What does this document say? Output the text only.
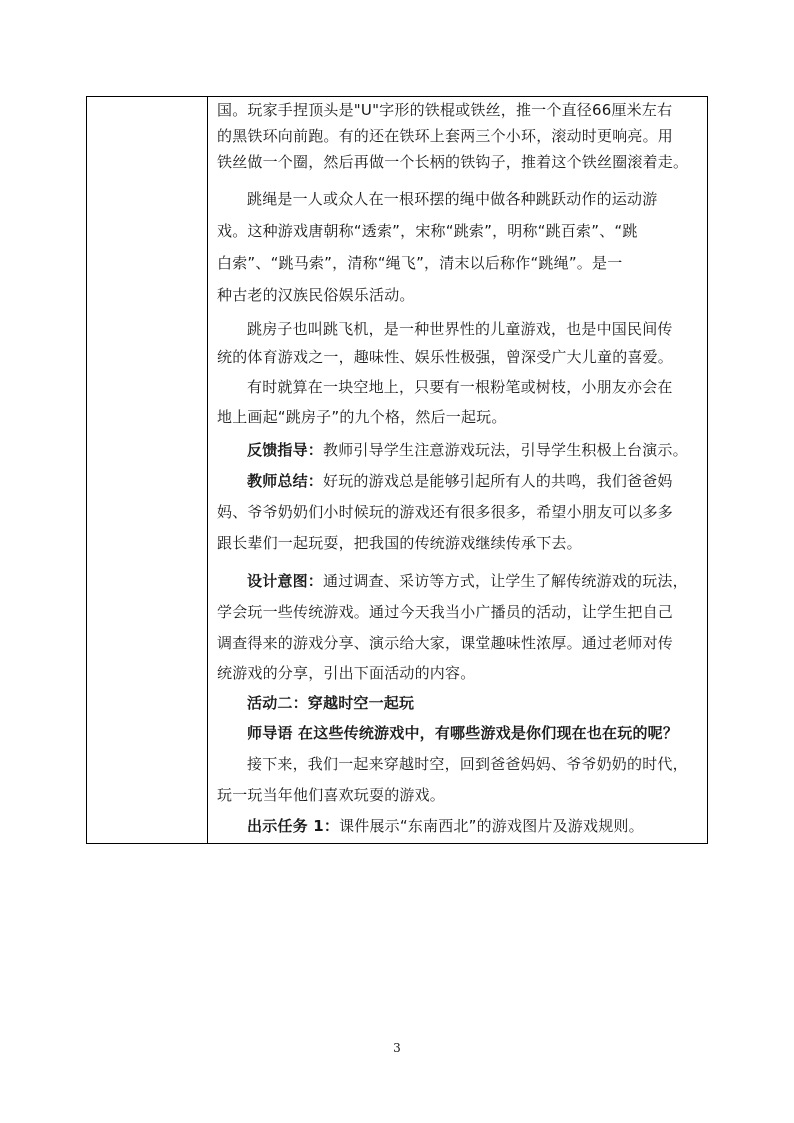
国。玩家手捏顶头是"U"字形的铁棍或铁丝，推一个直径66厘米左右
的黑铁环向前跑。有的还在铁环上套两三个小环，滚动时更响亮。用
铁丝做一个圈，然后再做一个长柄的铁钩子，推着这个铁丝圈滚着走。
跳绳是一人或众人在一根环摆的绳中做各种跳跃动作的运动游
戏。这种游戏唐朝称“透索”，宋称“跳索”，明称“跳百索”、“跳
白索”、“跳马索”，清称“绳飞”，清末以后称作“跳绳”。是一
种古老的汉族民俗娱乐活动。
跳房子也叫跳飞机，是一种世界性的儿童游戏，也是中国民间传
统的体育游戏之一，趣味性、娱乐性极强，曾深受广大儿童的喜爱。
有时就算在一块空地上，只要有一根粉笔或树枝，小朋友亦会在
地上画起“跳房子”的九个格，然后一起玩。
反馈指导：教师引导学生注意游戏玩法，引导学生积极上台演示。
教师总结：好玩的游戏总是能够引起所有人的共鸣，我们爸爸妈
妈、爷爷奶奶们小时候玩的游戏还有很多很多，希望小朋友可以多多
跟长辈们一起玩耍，把我国的传统游戏继续传承下去。
设计意图：通过调查、采访等方式，让学生了解传统游戏的玩法，
学会玩一些传统游戏。通过今天我当小广播员的活动，让学生把自己
调查得来的游戏分享、演示给大家，课堂趣味性浓厚。通过老师对传
统游戏的分享，引出下面活动的内容。
活动二：穿越时空一起玩
师导语 在这些传统游戏中，有哪些游戏是你们现在也在玩的呢？
接下来，我们一起来穿越时空，回到爸爸妈妈、爷爷奶奶的时代，
玩一玩当年他们喜欢玩耍的游戏。
出示任务 1：课件展示“东南西北”的游戏图片及游戏规则。
3
